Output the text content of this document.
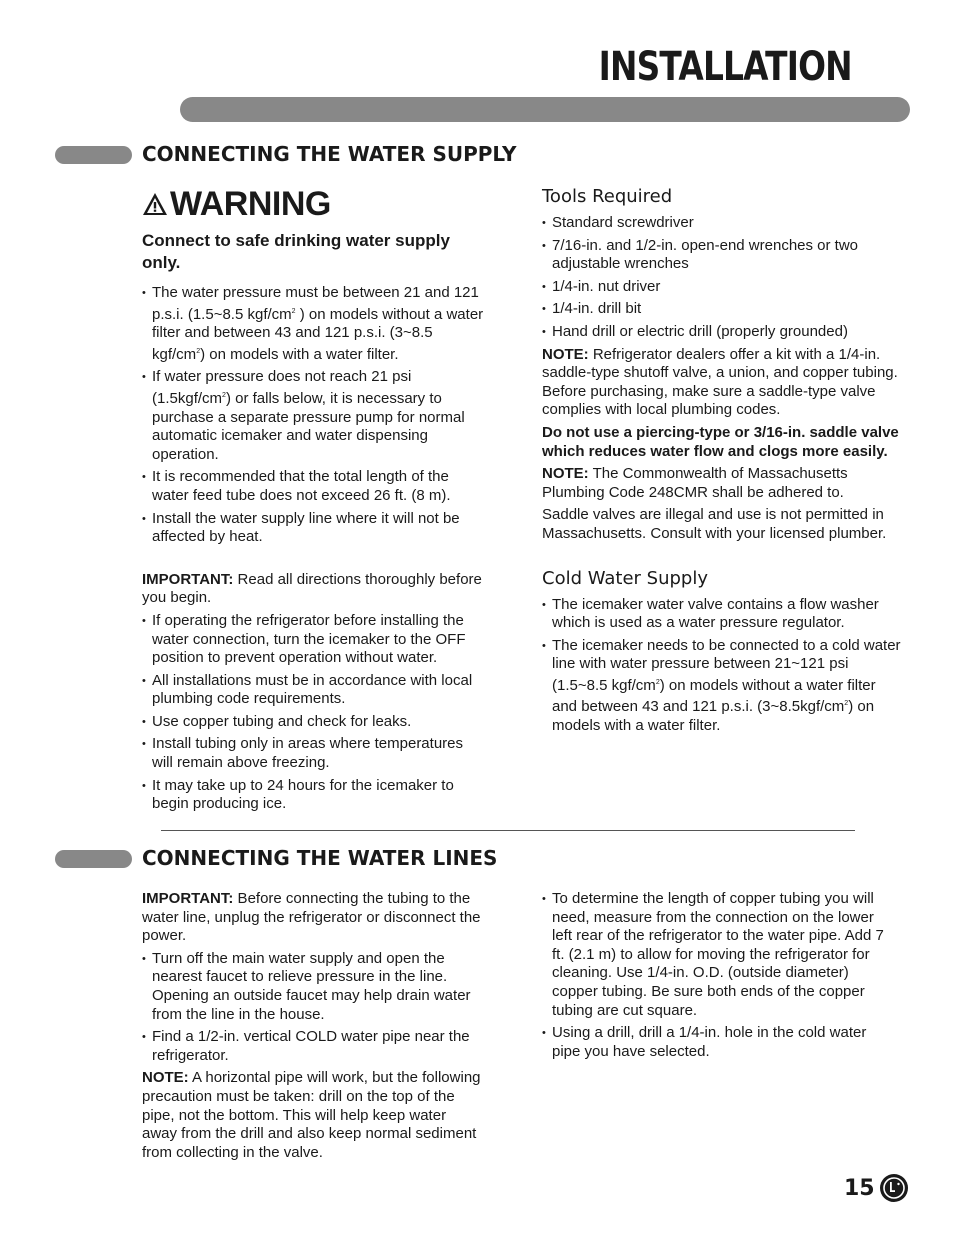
INSTALLATION
CONNECTING THE WATER SUPPLY
WARNING

Connect to safe drinking water supply only.

• The water pressure must be between 21 and 121 p.s.i. (1.5~8.5 kgf/$cm^2$ ) on models without a water filter and between 43 and 121 p.s.i. (3~8.5 kgf/$cm^2$) on models with a water filter.
• If water pressure does not reach 21 psi $(1.5kgf/cm^2)$ or falls below, it is necessary to purchase a separate pressure pump for normal automatic icemaker and water dispensing operation.
• It is recommended that the total length of the water feed tube does not exceed 26 ft. (8 m).
• Install the water supply line where it will not be affected by heat.

IMPORTANT: Read all directions thoroughly before you begin.

• If operating the refrigerator before installing the water connection, turn the icemaker to the OFF position to prevent operation without water.
• All installations must be in accordance with local plumbing code requirements.
• Use copper tubing and check for leaks.
• Install tubing only in areas where temperatures will remain above freezing.
• It may take up to 24 hours for the icemaker to begin producing ice.

Tools Required

• Standard screwdriver
• 7/16-in. and 1/2-in. open-end wrenches or two adjustable wrenches
• 1/4-in. nut driver
• 1/4-in. drill bit
• Hand drill or electric drill (properly grounded)

NOTE: Refrigerator dealers offer a kit with a 1/4-in. saddle-type shutoff valve, a union, and copper tubing. Before purchasing, make sure a saddle-type valve complies with local plumbing codes.

Do not use a piercing-type or 3/16-in. saddle valve which reduces water flow and clogs more easily.

NOTE: The Commonwealth of Massachusetts Plumbing Code 248CMR shall be adhered to.

Saddle valves are illegal and use is not permitted in Massachusetts. Consult with your licensed plumber.

Cold Water Supply

• The icemaker water valve contains a flow washer which is used as a water pressure regulator.
• The icemaker needs to be connected to a cold water line with water pressure between 21~121 psi (1.5~8.5 kgf/$cm^2$) on models without a water filter and between 43 and 121 p.s.i. $(3\sim 8.5kgf/cm^2)$ on models with a water filter.
CONNECTING THE WATER LINES

IMPORTANT: Before connecting the tubing to the water line, unplug the refrigerator or disconnect the power.

• Turn off the main water supply and open the nearest faucet to relieve pressure in the line. Opening an outside faucet may help drain water from the line in the house.
• Find a 1/2-in. vertical COLD water pipe near the refrigerator.

NOTE: A horizontal pipe will work, but the following precaution must be taken: drill on the top of the pipe, not the bottom. This will help keep water away from the drill and also keep normal sediment from collecting in the valve.

• To determine the length of copper tubing you will need, measure from the connection on the lower left rear of the refrigerator to the water pipe. Add 7 ft. (2.1 m) to allow for moving the refrigerator for cleaning. Use 1/4-in. O.D. (outside diameter) copper tubing. Be sure both ends of the copper tubing are cut square.
• Using a drill, drill a 1/4-in. hole in the cold water pipe you have selected.
15
